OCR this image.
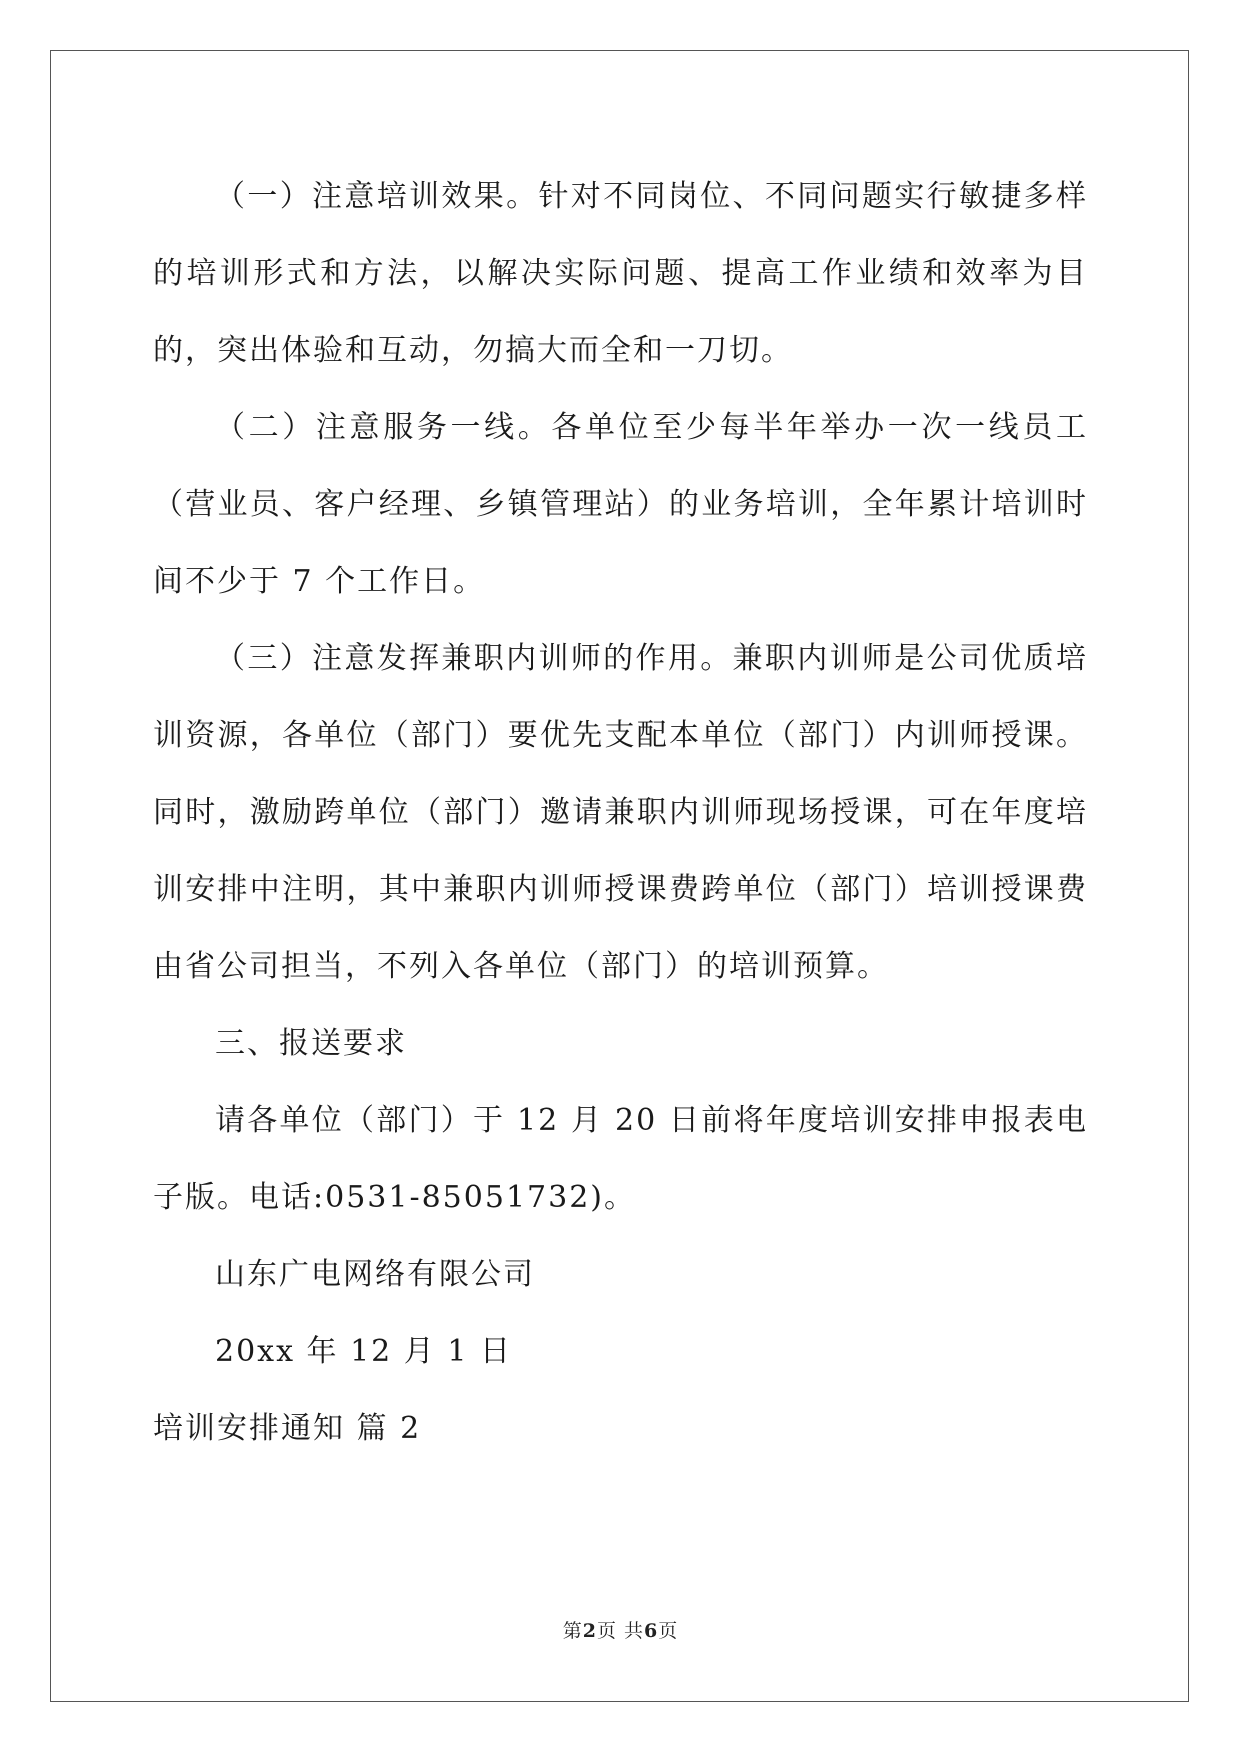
（一）注意培训效果。针对不同岗位、不同问题实行敏捷多样的培训形式和方法，以解决实际问题、提高工作业绩和效率为目的，突出体验和互动，勿搞大而全和一刀切。

（二）注意服务一线。各单位至少每半年举办一次一线员工（营业员、客户经理、乡镇管理站）的业务培训，全年累计培训时间不少于 7 个工作日。

（三）注意发挥兼职内训师的作用。兼职内训师是公司优质培训资源，各单位（部门）要优先支配本单位（部门）内训师授课。同时，激励跨单位（部门）邀请兼职内训师现场授课，可在年度培训安排中注明，其中兼职内训师授课费跨单位（部门）培训授课费由省公司担当，不列入各单位（部门）的培训预算。

三、报送要求

请各单位（部门）于 12 月 20 日前将年度培训安排申报表电子版。电话:0531-85051732)。

山东广电网络有限公司

20xx 年 12 月 1 日

培训安排通知 篇 2

第2页 共6页
